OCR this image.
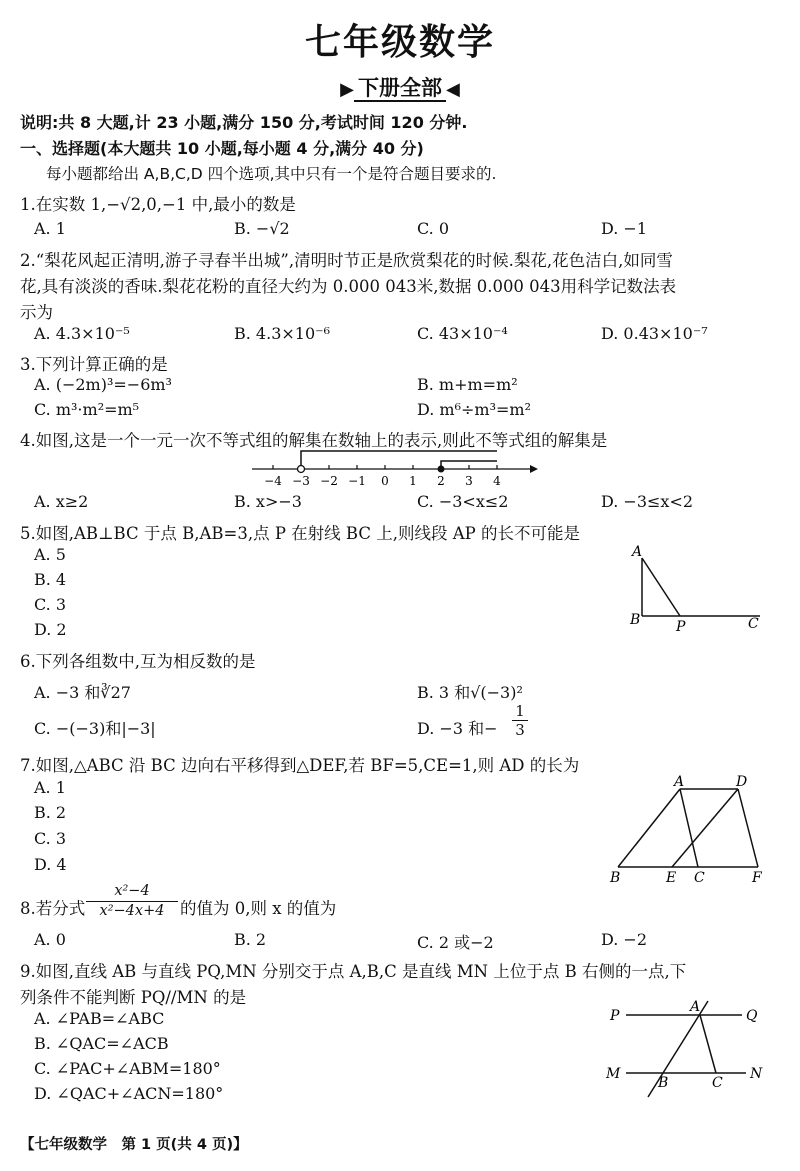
七年级数学
▶ 下册全部 ◀
说明:共 8 大题,计 23 小题,满分 150 分,考试时间 120 分钟.
一、选择题(本大题共 10 小题,每小题 4 分,满分 40 分)
每小题都给出 A,B,C,D 四个选项,其中只有一个是符合题目要求的.
1.在实数 1,−√2,0,−1 中,最小的数是
A. 1	B. −√2	C. 0	D. −1
2.“梨花风起正清明,游子寻春半出城”,清明时节正是欣赏梨花的时候.梨花,花色洁白,如同雪
花,具有淡淡的香味.梨花花粉的直径大约为 0.000 043米,数据 0.000 043用科学记数法表
示为
A. 4.3×10⁻⁵	B. 4.3×10⁻⁶	C. 43×10⁻⁴	D. 0.43×10⁻⁷
3.下列计算正确的是
A. (−2m)³=−6m³	B. m+m=m²
C. m³·m²=m⁵	D. m⁶÷m³=m²
4.如图,这是一个一元一次不等式组的解集在数轴上的表示,则此不等式组的解集是
−4 −3 −2 −1 0 1 2 3 4
A. x≥2	B. x>−3	C. −3<x≤2	D. −3≤x<2
5.如图,AB⊥BC 于点 B,AB=3,点 P 在射线 BC 上,则线段 AP 的长不可能是
A. 5
B. 4
C. 3
D. 2
A
B	P	C
6.下列各组数中,互为相反数的是
A. −3 和∛27	B. 3 和√(−3)²
C. −(−3)和|−3|	D. −3 和− $\frac{1}{3}$
7.如图,△ABC 沿 BC 边向右平移得到△DEF,若 BF=5,CE=1,则 AD 的长为
A. 1
B. 2
C. 3
D. 4
A	D
B	E C	F
8.若分式 $\frac{\text{x²−4}}{\text{x²−4x+4}}$ 的值为 0,则 x 的值为
A. 0	B. 2	C. 2 或−2	D. −2
9.如图,直线 AB 与直线 PQ,MN 分别交于点 A,B,C 是直线 MN 上位于点 B 右侧的一点,下
列条件不能判断 PQ//MN 的是
A. ∠PAB=∠ABC
B. ∠QAC=∠ACB
C. ∠PAC+∠ABM=180°
D. ∠QAC+∠ACN=180°
P
A
Q
M
B	C
N
【七年级数学　第 1 页(共 4 页)】
